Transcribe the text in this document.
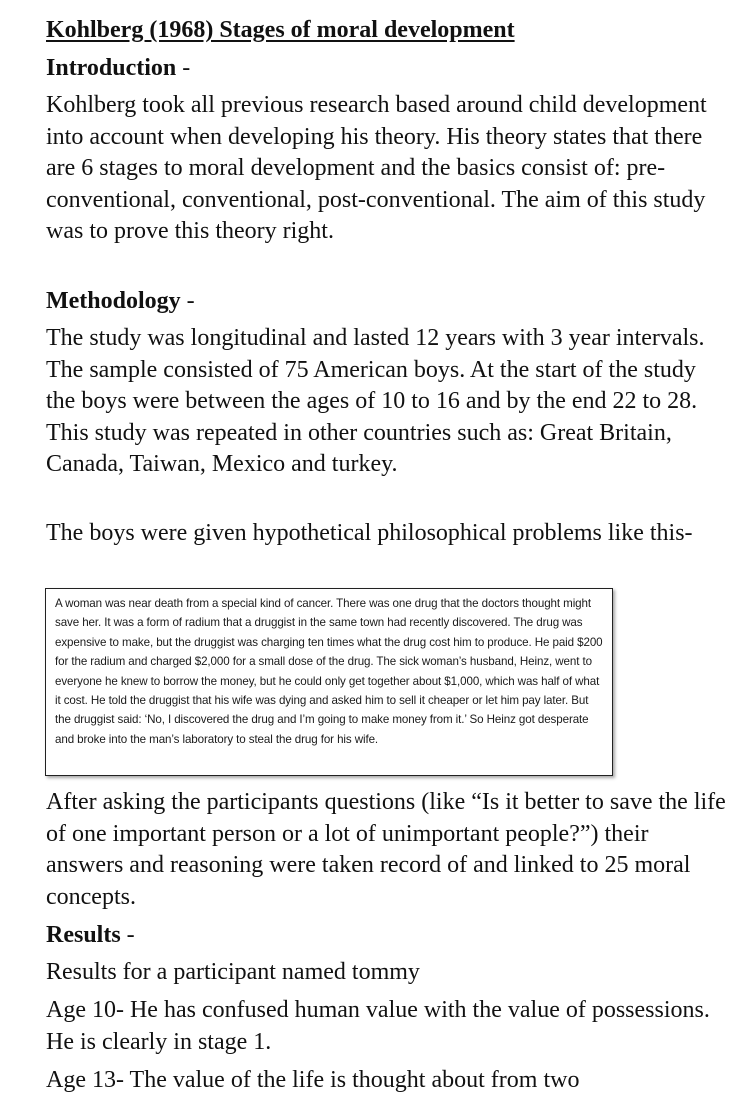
Kohlberg (1968) Stages of moral development
Introduction -

Kohlberg took all previous research based around child development into account when developing his theory. His theory states that there are 6 stages to moral development and the basics consist of: pre-conventional, conventional, post-conventional. The aim of this study was to prove this theory right.

Methodology -

The study was longitudinal and lasted 12 years with 3 year intervals. The sample consisted of 75 American boys. At the start of the study the boys were between the ages of 10 to 16 and by the end 22 to 28. This study was repeated in other countries such as: Great Britain, Canada, Taiwan, Mexico and turkey.

The boys were given hypothetical philosophical problems like this-

A woman was near death from a special kind of cancer. There was one drug that the doctors thought might save her. It was a form of radium that a druggist in the same town had recently discovered. The drug was expensive to make, but the druggist was charging ten times what the drug cost him to produce. He paid $200 for the radium and charged $2,000 for a small dose of the drug. The sick woman’s husband, Heinz, went to everyone he knew to borrow the money, but he could only get together about $1,000, which was half of what it cost. He told the druggist that his wife was dying and asked him to sell it cheaper or let him pay later. But the druggist said: ‘No, I discovered the drug and I’m going to make money from it.’ So Heinz got desperate and broke into the man’s laboratory to steal the drug for his wife.

After asking the participants questions (like “Is it better to save the life of one important person or a lot of unimportant people?”) their answers and reasoning were taken record of and linked to 25 moral concepts.

Results -

Results for a participant named tommy

Age 10- He has confused human value with the value of possessions. He is clearly in stage 1.

Age 13- The value of the life is thought about from two
